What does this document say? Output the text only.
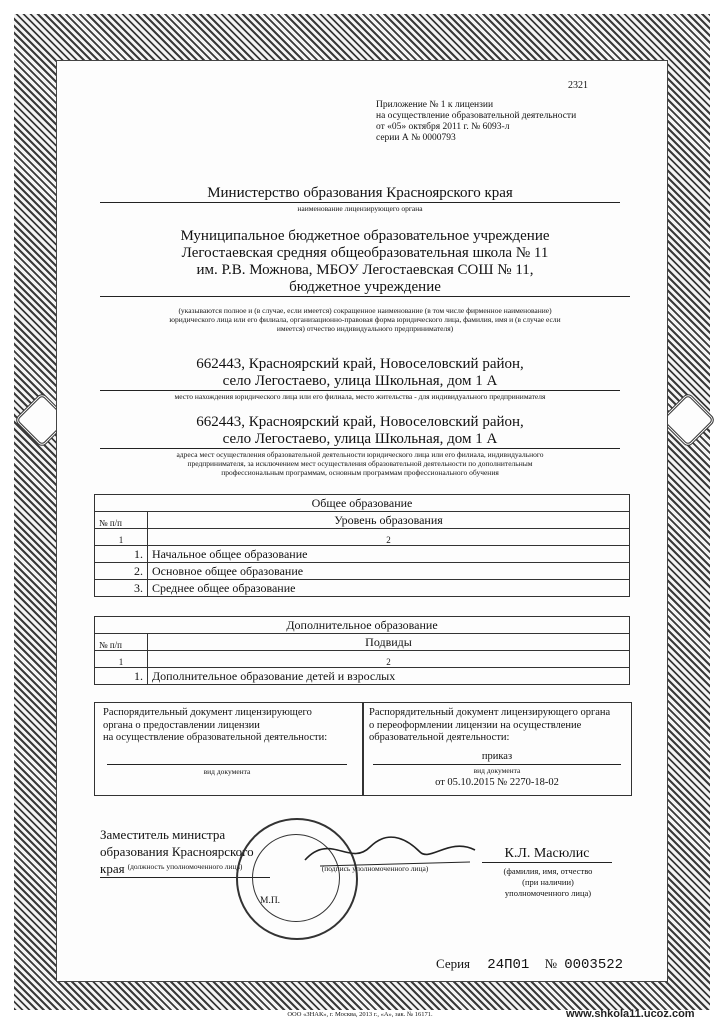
2321
Приложение № 1 к лицензии
на осуществление образовательной деятельности
от «05» октября 2011 г. № 6093-л
серии А № 0000793
Министерство образования Красноярского края
наименование лицензирующего органа
Муниципальное бюджетное образовательное учреждение
Легостаевская средняя общеобразовательная школа № 11
им. Р.В. Можнова, МБОУ Легостаевская СОШ № 11,
бюджетное учреждение
(указываются полное и (в случае, если имеется) сокращенное наименование (в том числе фирменное наименование)
юридического лица или его филиала, организационно-правовая форма юридического лица, фамилия, имя и (в случае если
имеется) отчество индивидуального предпринимателя)
662443, Красноярский край, Новоселовский район,
село Легостаево, улица Школьная, дом 1 А
место нахождения юридического лица или его филиала, место жительства - для индивидуального предпринимателя
662443, Красноярский край, Новоселовский район,
село Легостаево, улица Школьная, дом 1 А
адреса мест осуществления образовательной деятельности юридического лица или его филиала, индивидуального
предпринимателя, за исключением мест осуществления образовательной деятельности по дополнительным
профессиональным программам, основным программам профессионального обучения
Общее образование	
№ п/п	Уровень образования
1	2
1.	Начальное общее образование
2.	Основное общее образование
3.	Среднее общее образование
Дополнительное образование	
№ п/п	Подвиды
1	2
1.	Дополнительное образование детей и взрослых
Распорядительный документ лицензирующего
органа о предоставлении лицензии
на осуществление образовательной деятельности:
вид документа
Распорядительный документ лицензирующего органа
о переоформлении лицензии на осуществление
образовательной деятельности:
приказ
вид документа
от 05.10.2015 № 2270-18-02
Заместитель министра
образования Красноярского края (должность уполномоченного лица)
М.П.
(подпись уполномоченного лица)
К.Л. Масюлис
(фамилия, имя, отчество
(при наличии)
уполномоченного лица)
Серия 24П01 № 0003522
ООО «ЗНАК», г. Москва, 2013 г., «А», зак. № 16171.	www.shkola11.ucoz.com
